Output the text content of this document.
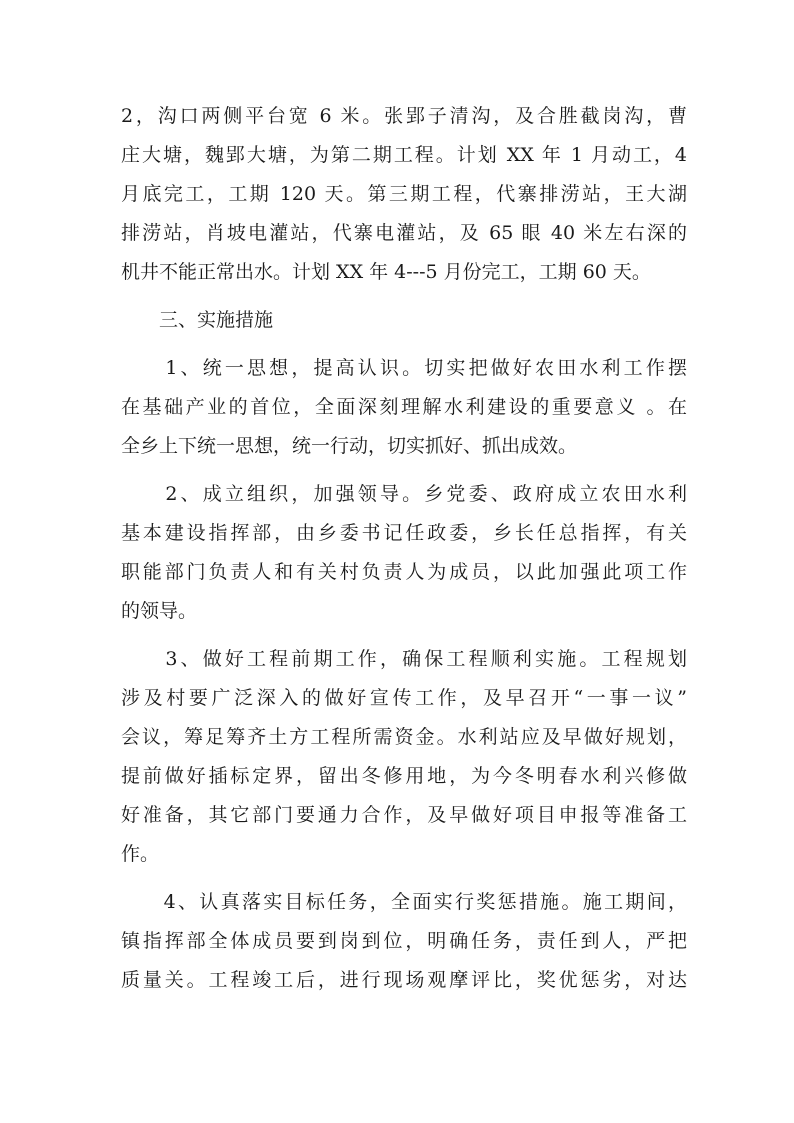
2，沟口两侧平台宽 6 米。张郢子清沟，及合胜截岗沟，曹
庄大塘，魏郢大塘，为第二期工程。计划 XX 年 1 月动工，4
月底完工，工期 120 天。第三期工程，代寨排涝站，王大湖
排涝站，肖坡电灌站，代寨电灌站，及 65 眼 40 米左右深的
机井不能正常出水。计划 XX 年 4---5 月份完工，工期 60 天。
　　三、实施措施
　　1、统一思想，提高认识。切实把做好农田水利工作摆
在基础产业的首位，全面深刻理解水利建设的重要意义 。在
全乡上下统一思想，统一行动，切实抓好、抓出成效。
　　2、成立组织，加强领导。乡党委、政府成立农田水利
基本建设指挥部，由乡委书记任政委，乡长任总指挥，有关
职能部门负责人和有关村负责人为成员，以此加强此项工作
的领导。
　　3、做好工程前期工作，确保工程顺利实施。工程规划
涉及村要广泛深入的做好宣传工作，及早召开“一事一议”
会议，筹足筹齐土方工程所需资金。水利站应及早做好规划，
提前做好插标定界，留出冬修用地，为今冬明春水利兴修做
好准备，其它部门要通力合作，及早做好项目申报等准备工
作。
　　4、认真落实目标任务，全面实行奖惩措施。施工期间，
镇指挥部全体成员要到岗到位，明确任务，责任到人，严把
质量关。工程竣工后，进行现场观摩评比，奖优惩劣，对达
